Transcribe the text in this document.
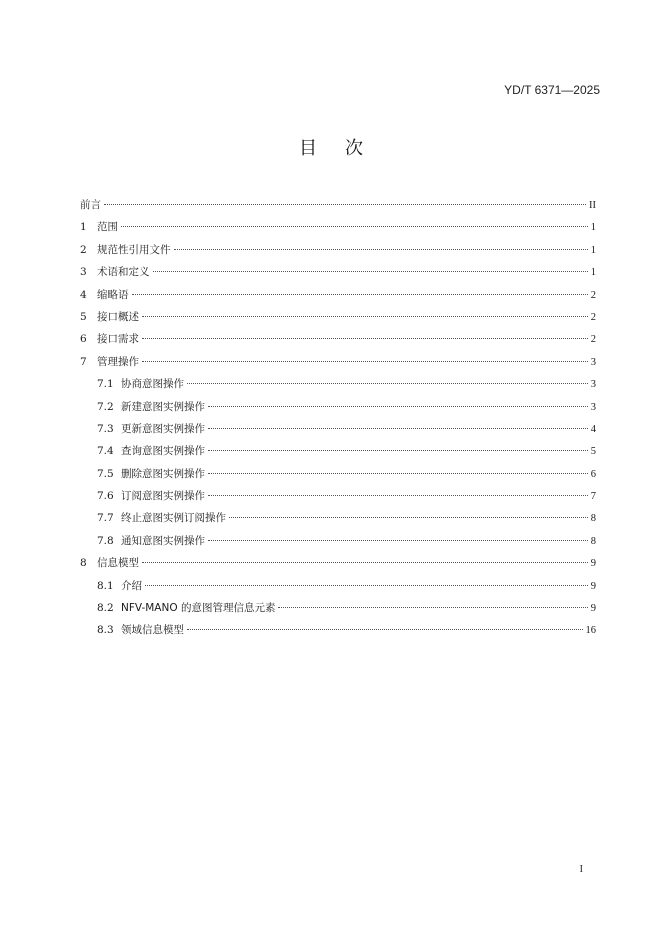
YD/T 6371—2025
目次
前言	II
1 范围	1
2 规范性引用文件	1
3 术语和定义	1
4 缩略语	2
5 接口概述	2
6 接口需求	2
7 管理操作	3
7.1 协商意图操作	3
7.2 新建意图实例操作	3
7.3 更新意图实例操作	4
7.4 查询意图实例操作	5
7.5 删除意图实例操作	6
7.6 订阅意图实例操作	7
7.7 终止意图实例订阅操作	8
7.8 通知意图实例操作	8
8 信息模型	9
8.1 介绍	9
8.2 NFV-MANO 的意图管理信息元素	9
8.3 领域信息模型	16
I
